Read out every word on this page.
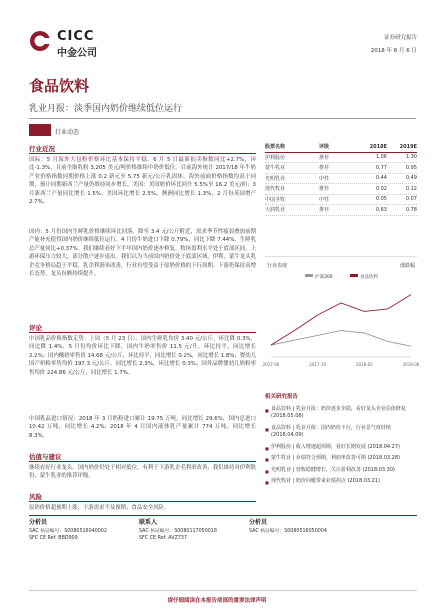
CICC
中金公司
证券研究报告
2018 年 6 月 6 日
食品饮料
乳业月报：淡季国内奶价维续低位运行
行业动态
行业近况
国际：5 月海外大包粉价格环比基本保持平稳。6 月 5 日最新拍卖指数同比+2.7%，环比-1.3%，且前全脂乳粉 3,205 美元/吨价格维续中奶价低位。目前海外统计 2017/18 年牛奶产业价格指数同期价格上涨 0.2 新元至 5.75 新元/公斤乳固体。海外前面价格指数均高于同期，预计同期新西兰产量仍维持同步增长。美国：美国奶价环比回升 5.5%至 16.2 美元/担；3 月新西兰产量同比增长 1.5%；美国环比增长 2.5%，澳洲同比增长 1.3%，2 月份英国增产 2.7%。
国内：5 月份国内生鲜乳价格继续环比回落，降至 3.4 元/公斤附近，需求季节性疲弱叠加前期产能补充使得国内奶价继续低位运行。4 月份牛奶进口下降 0.79%，同比下降 7.44%，生鲜乳总产量同比+0.37%。我们继续看好下半年国内奶价逐步修复。牧场盈利水平处于底部区间，上游环保压力较大，部分散户逐步退出。我们认为当前国内奶价处于底部区域，伊利、蒙牛龙头乳企竞争格局趋于平稳，乳企利润率改善，行业有望受益于原奶价格的下行周期。下游仍保持高增长态势，龙头份额持续提升。
评论
中国乳品价格指数走势：上周（5 月 23 日），国内生鲜乳均价 3.40 元/公斤，环比降 0.3%，同比降 1.4%，5 月份均价环比下降，国内牛奶零售价 11.5 元/升，环比持平，同比增长 2.2%；国内酸奶零售价 14.68 元/公斤，环比持平，同比增长 0.2%，同比增长 1.8%；婴幼儿国产奶粉零售均价 197.3 元/公斤，同比增长 2.3%，环比增长 0.3%；国外品牌婴幼儿奶粉零售均价 224.86 元/公斤，同比增长 1.7%。
中国乳品进口情况：2018 年 3 月奶粉进口累计 19.75 万吨，同比增长 29.6%，国内总进口 10.42 万吨，同比增长 4.2%；2018 年 4 月国内液体乳产量累计 774 万吨，同比增长 8.3%。
估值与建议
继续看好行业龙头。国内奶价仍处于相对低位，有利于下游乳企毛利率改善，我们维持对伊利股份、蒙牛乳业的推荐评级。
风险
原奶价格超预期上涨；下游需求不及预期；食品安全风险。
股票名称	评级	2018E	2019E
伊利股份	推荐	1.06	1.30
蒙牛乳业	推荐	0.77	0.95
光明乳业	中性	0.44	0.49
现代牧业	推荐	0.02	0.12
中国圣牧	中性	0.05	0.07
天润乳业	推荐	0.63	0.78
行业表现	涨跌幅
沪深300	食品饮料
2017-06	2017-10	2018-02	2018-06
相关研究报告
■ 食品饮料 | 乳业月报：奶价逐步企稳，看好龙头企业估值修复 (2018.05.08)
■ 食品饮料 | 乳业月报：国内奶价下行，行业景气度持续 (2018.04.09)
■ 伊利股份 | 收入增速超预期，看好长期发展 (2018.04.27)
■ 蒙牛乳业 | 业绩符合预期，利润率改善可期 (2018.03.28)
■ 光明乳业 | 营收稳健增长，关注盈利改善 (2018.03.30)
■ 现代牧业 | 奶价回暖带来业绩拐点 (2018.03.21)
分析员
SAC 执证编号：S0080516040002
SFC CE Ref: BBD909
联系人
SAC 执证编号：S0080117050018
SFC CE Ref: AVZ737
分析员
SAC 执证编号：S0080516050004
请仔细阅读在本报告尾部的重要法律声明
